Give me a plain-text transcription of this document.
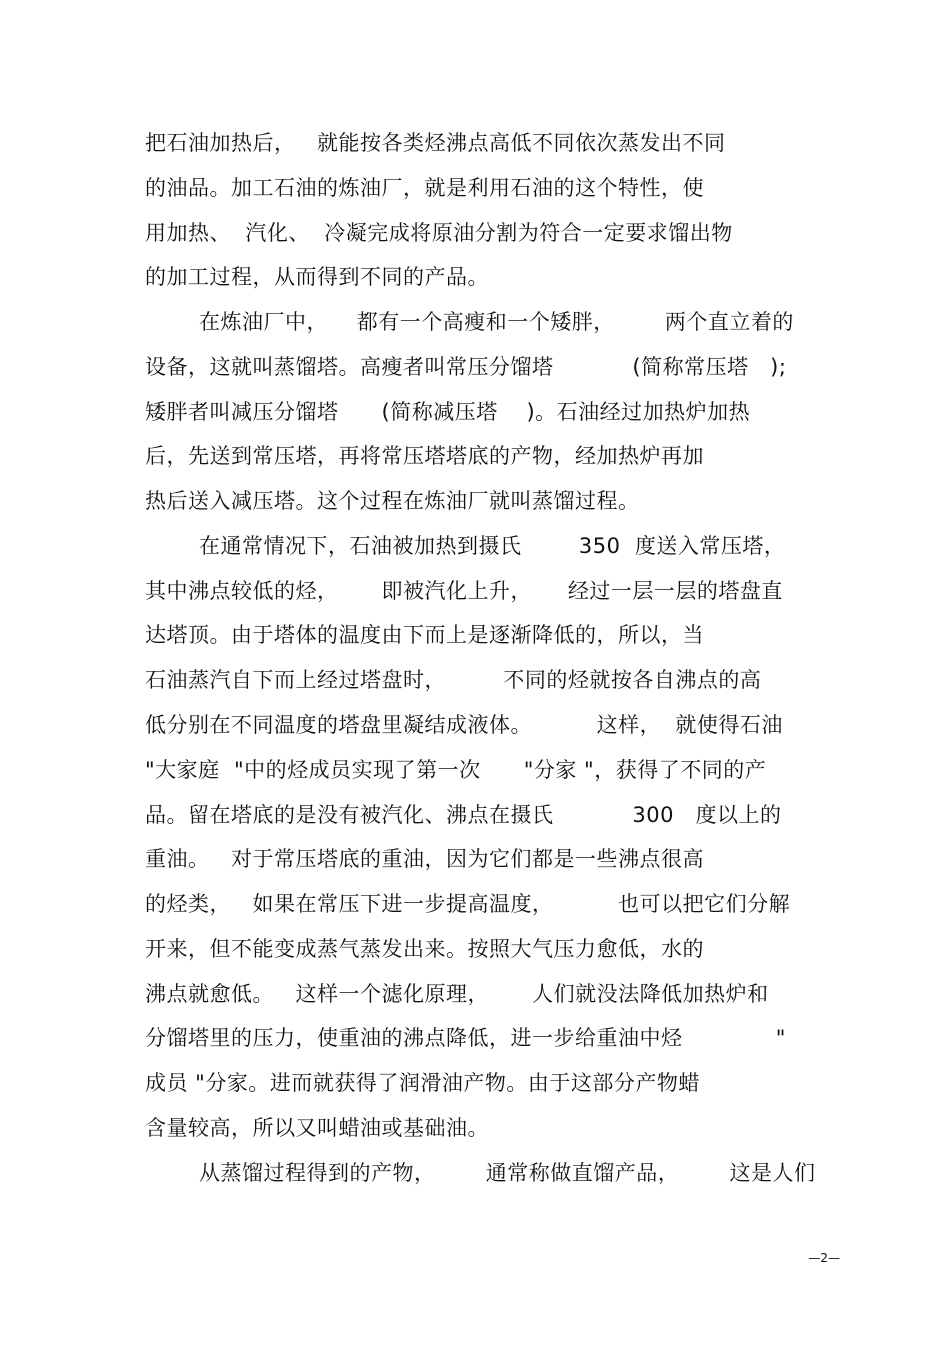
把石油加热后，   就能按各类烃沸点高低不同依次蒸发出不同
的油品。加工石油的炼油厂，就是利用石油的这个特性，使
用加热、  汽化、  冷凝完成将原油分割为符合一定要求馏出物
的加工过程，从而得到不同的产品。
在炼油厂中，    都有一个高瘦和一个矮胖，       两个直立着的
设备，这就叫蒸馏塔。高瘦者叫常压分馏塔           (简称常压塔   );
矮胖者叫减压分馏塔      (简称减压塔    )。石油经过加热炉加热
后，先送到常压塔，再将常压塔塔底的产物，经加热炉再加
热后送入减压塔。这个过程在炼油厂就叫蒸馏过程。
在通常情况下，石油被加热到摄氏        350  度送入常压塔，
其中沸点较低的烃，      即被汽化上升，     经过一层一层的塔盘直
达塔顶。由于塔体的温度由下而上是逐渐降低的，所以，当
石油蒸汽自下而上经过塔盘时，        不同的烃就按各自沸点的高
低分别在不同温度的塔盘里凝结成液体。         这样，  就使得石油
"大家庭  "中的烃成员实现了第一次      "分家 "，获得了不同的产
品。留在塔底的是没有被汽化、沸点在摄氏           300   度以上的
重油。   对于常压塔底的重油，因为它们都是一些沸点很高
的烃类，   如果在常压下进一步提高温度，         也可以把它们分解
开来，但不能变成蒸气蒸发出来。按照大气压力愈低，水的
沸点就愈低。   这样一个滤化原理，      人们就没法降低加热炉和
分馏塔里的压力，使重油的沸点降低，进一步给重油中烃             "
成员 "分家。进而就获得了润滑油产物。由于这部分产物蜡
含量较高，所以又叫蜡油或基础油。
从蒸馏过程得到的产物，       通常称做直馏产品，       这是人们
—2—
